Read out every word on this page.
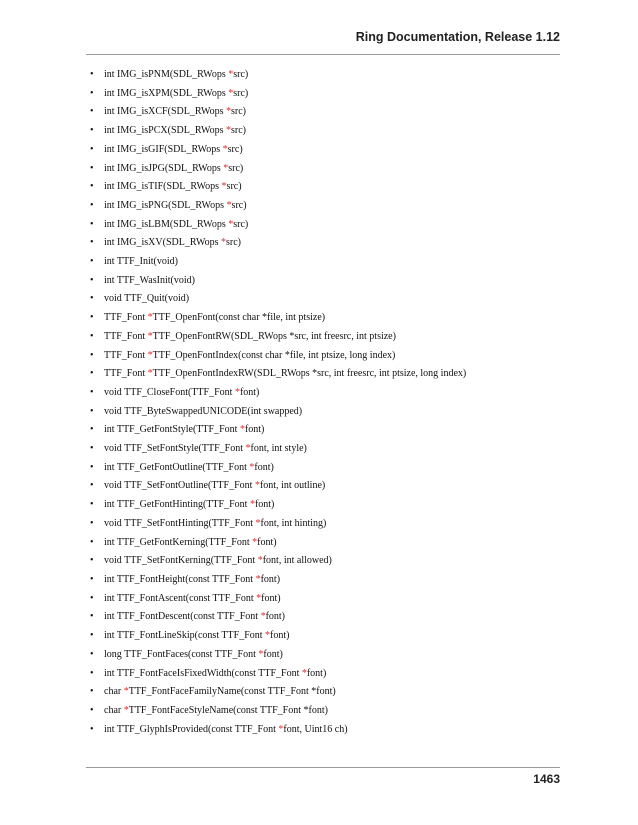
Ring Documentation, Release 1.12
• int IMG_isPNM(SDL_RWops *src)
• int IMG_isXPM(SDL_RWops *src)
• int IMG_isXCF(SDL_RWops *src)
• int IMG_isPCX(SDL_RWops *src)
• int IMG_isGIF(SDL_RWops *src)
• int IMG_isJPG(SDL_RWops *src)
• int IMG_isTIF(SDL_RWops *src)
• int IMG_isPNG(SDL_RWops *src)
• int IMG_isLBM(SDL_RWops *src)
• int IMG_isXV(SDL_RWops *src)
• int TTF_Init(void)
• int TTF_WasInit(void)
• void TTF_Quit(void)
• TTF_Font *TTF_OpenFont(const char *file, int ptsize)
• TTF_Font *TTF_OpenFontRW(SDL_RWops *src, int freesrc, int ptsize)
• TTF_Font *TTF_OpenFontIndex(const char *file, int ptsize, long index)
• TTF_Font *TTF_OpenFontIndexRW(SDL_RWops *src, int freesrc, int ptsize, long index)
• void TTF_CloseFont(TTF_Font *font)
• void TTF_ByteSwappedUNICODE(int swapped)
• int TTF_GetFontStyle(TTF_Font *font)
• void TTF_SetFontStyle(TTF_Font *font, int style)
• int TTF_GetFontOutline(TTF_Font *font)
• void TTF_SetFontOutline(TTF_Font *font, int outline)
• int TTF_GetFontHinting(TTF_Font *font)
• void TTF_SetFontHinting(TTF_Font *font, int hinting)
• int TTF_GetFontKerning(TTF_Font *font)
• void TTF_SetFontKerning(TTF_Font *font, int allowed)
• int TTF_FontHeight(const TTF_Font *font)
• int TTF_FontAscent(const TTF_Font *font)
• int TTF_FontDescent(const TTF_Font *font)
• int TTF_FontLineSkip(const TTF_Font *font)
• long TTF_FontFaces(const TTF_Font *font)
• int TTF_FontFaceIsFixedWidth(const TTF_Font *font)
• char *TTF_FontFaceFamilyName(const TTF_Font *font)
• char *TTF_FontFaceStyleName(const TTF_Font *font)
• int TTF_GlyphIsProvided(const TTF_Font *font, Uint16 ch)
1463
